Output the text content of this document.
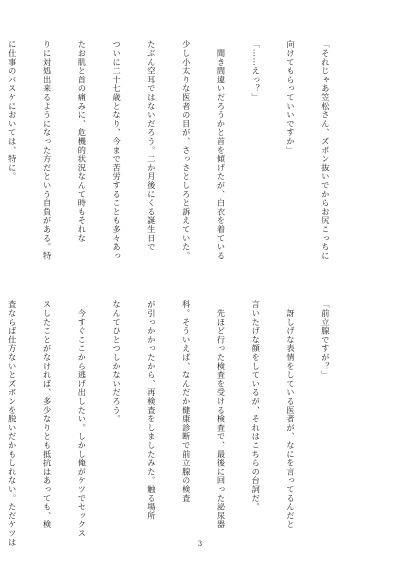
「それじゃあ笠松さん、ズボン抜いでからお尻こっちに

向けてもらっていいですか」

「……えっ？」

　聞き間違いだろうかと首を傾げたが、白衣を着ている

少し小太りな医者の目が、さっさとしろと訴えていた。

たぶん空耳ではないだろう。二か月後にくる誕生日で

ついに二十七歳となり、今まで苦労することも多々あっ

たお肌と首の痛みに、危機的状況なんて時もそれな

りに対処出来るようになった方だという自負がある。特

に仕事のバスケにおいては、特に。

「前立腺ですが？」

　訝しげな表情をしている医者が、なにを言ってるんだと

言いたげな顔をしているが、それはこちらの台詞だ。

　先ほど行った検査を受ける検査で、最後に回った泌尿器

科。そういえば、なんだか健康診断で前立腺の検査

が引っかかったから、再検査をしましたみた。触る場所

なんてひとつしかないだろう。

　今すぐここから逃げ出したい。しかし俺がケツでセックス

スしたことがなければ、多少なりとも抵抗はあっても、検

査ならば仕方ないとズボンを脱いだかもしれない。ただケツは

	3
